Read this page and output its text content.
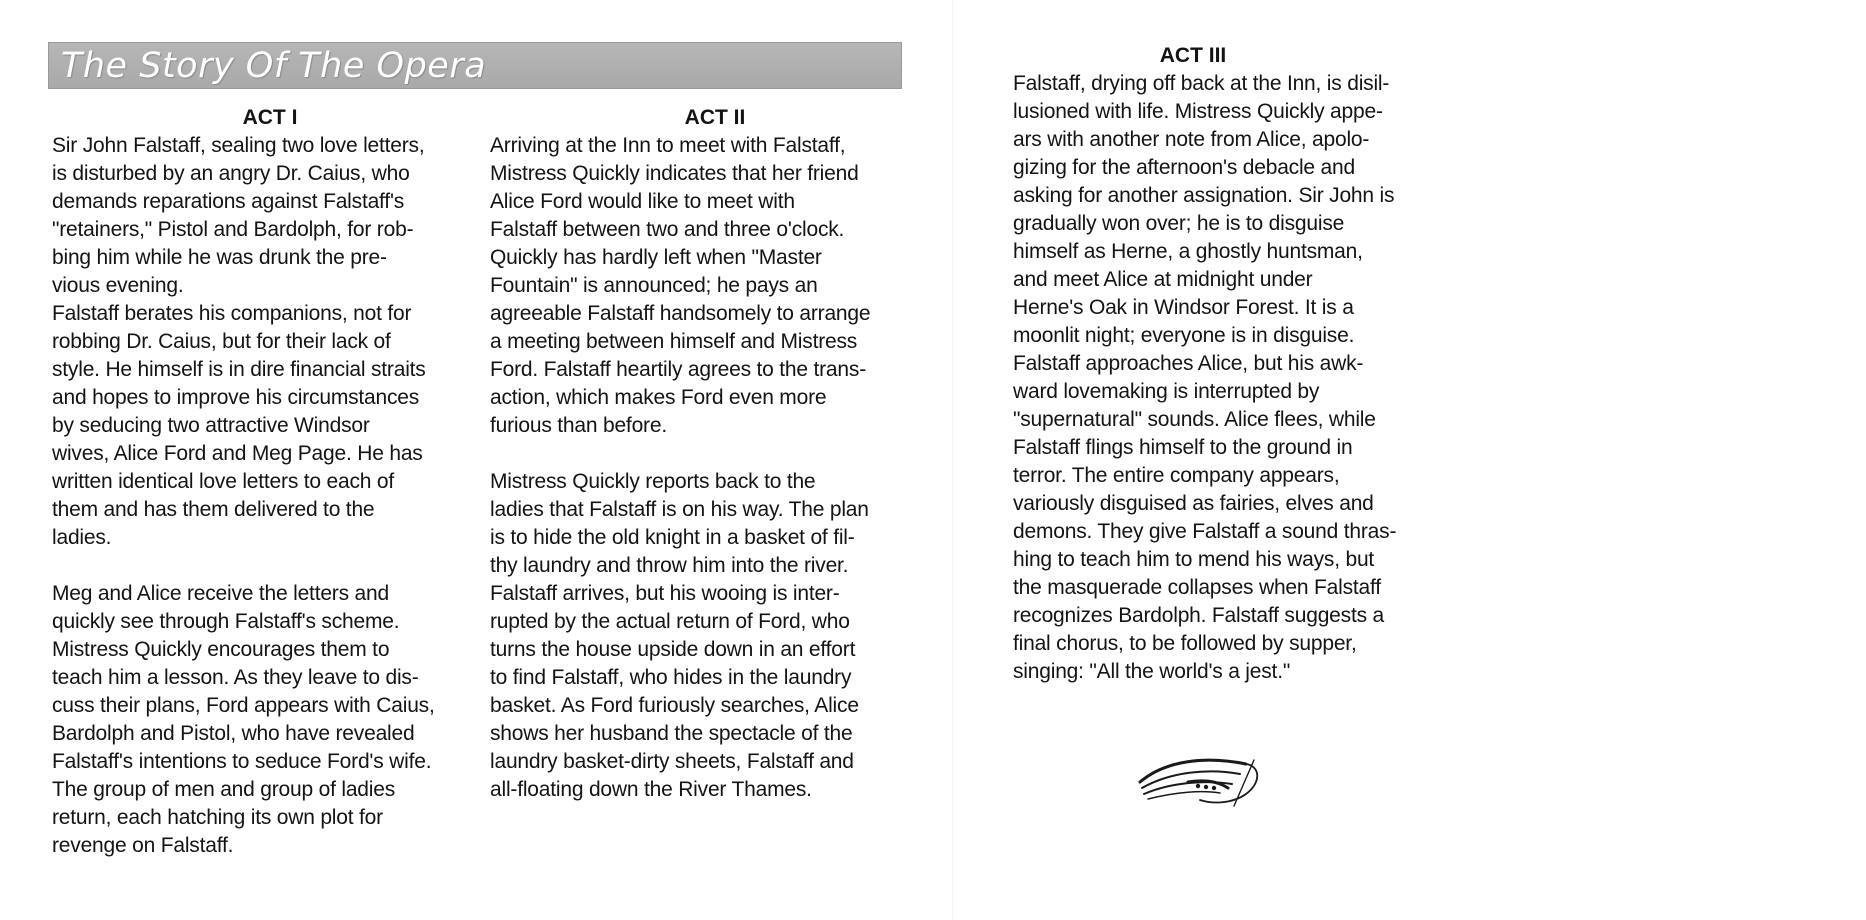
The Story Of The Opera
ACT I

Sir John Falstaff, sealing two love letters,
is disturbed by an angry Dr. Caius, who
demands reparations against Falstaff's
"retainers," Pistol and Bardolph, for rob-
bing him while he was drunk the pre-
vious evening.

Falstaff berates his companions, not for
robbing Dr. Caius, but for their lack of
style. He himself is in dire financial straits
and hopes to improve his circumstances
by seducing two attractive Windsor
wives, Alice Ford and Meg Page. He has
written identical love letters to each of
them and has them delivered to the
ladies.

Meg and Alice receive the letters and
quickly see through Falstaff's scheme.
Mistress Quickly encourages them to
teach him a lesson. As they leave to dis-
cuss their plans, Ford appears with Caius,
Bardolph and Pistol, who have revealed
Falstaff's intentions to seduce Ford's wife.
The group of men and group of ladies
return, each hatching its own plot for
revenge on Falstaff.

ACT II

Arriving at the Inn to meet with Falstaff,
Mistress Quickly indicates that her friend
Alice Ford would like to meet with
Falstaff between two and three o'clock.
Quickly has hardly left when "Master
Fountain" is announced; he pays an
agreeable Falstaff handsomely to arrange
a meeting between himself and Mistress
Ford. Falstaff heartily agrees to the trans-
action, which makes Ford even more
furious than before.

Mistress Quickly reports back to the
ladies that Falstaff is on his way. The plan
is to hide the old knight in a basket of fil-
thy laundry and throw him into the river.
Falstaff arrives, but his wooing is inter-
rupted by the actual return of Ford, who
turns the house upside down in an effort
to find Falstaff, who hides in the laundry
basket. As Ford furiously searches, Alice
shows her husband the spectacle of the
laundry basket-dirty sheets, Falstaff and
all-floating down the River Thames.

ACT III

Falstaff, drying off back at the Inn, is disil-
lusioned with life. Mistress Quickly appe-
ars with another note from Alice, apolo-
gizing for the afternoon's debacle and
asking for another assignation. Sir John is
gradually won over; he is to disguise
himself as Herne, a ghostly huntsman,
and meet Alice at midnight under
Herne's Oak in Windsor Forest. It is a
moonlit night; everyone is in disguise.
Falstaff approaches Alice, but his awk-
ward lovemaking is interrupted by
"supernatural" sounds. Alice flees, while
Falstaff flings himself to the ground in
terror. The entire company appears,
variously disguised as fairies, elves and
demons. They give Falstaff a sound thras-
hing to teach him to mend his ways, but
the masquerade collapses when Falstaff
recognizes Bardolph. Falstaff suggests a
final chorus, to be followed by supper,
singing: "All the world's a jest."
